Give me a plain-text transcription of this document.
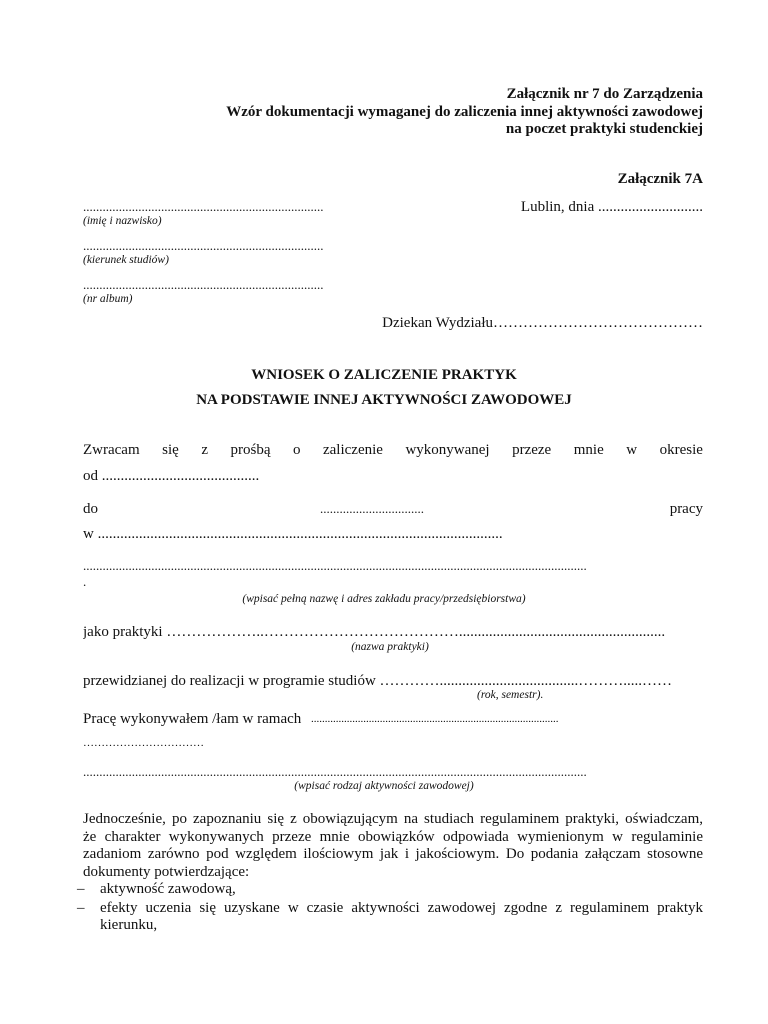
Załącznik nr 7 do Zarządzenia
Wzór dokumentacji wymaganej do zaliczenia innej aktywności zawodowej
na poczet praktyki studenckiej
Załącznik 7A
..........................................................................
(imię i nazwisko)
..........................................................................
(kierunek studiów)
..........................................................................
(nr album)
Lublin, dnia ............................
Dziekan Wydziału……………………………………
WNIOSEK O ZALICZENIE PRAKTYK
NA PODSTAWIE INNEJ AKTYWNOŚCI ZAWODOWEJ
Zwracam się z prośbą o zaliczenie wykonywanej przeze mnie w okresie
od ..........................................
do	................................	pracy
w ............................................................................................................
...........................................................................................................................................................
.
(wpisać pełną nazwę i adres zakładu pracy/przedsiębiorstwa)
jako praktyki ………………..………………………………….......................................................
(nazwa praktyki)
przewidzianej do realizacji w programie studiów ………….....................................……….....……
(rok, semestr).
Pracę wykonywałem /łam w ramach ..........................................................................................
……………………………
...........................................................................................................................................................
(wpisać rodzaj aktywności zawodowej)
Jednocześnie, po zapoznaniu się z obowiązującym na studiach regulaminem praktyki, oświadczam,
że charakter wykonywanych przeze mnie obowiązków odpowiada wymienionym w regulaminie
zadaniom zarówno pod względem ilościowym jak i jakościowym. Do podania załączam stosowne
dokumenty potwierdzające:
– aktywność zawodową,
– efekty uczenia się uzyskane w czasie aktywności zawodowej zgodne z regulaminem praktyk
kierunku,
